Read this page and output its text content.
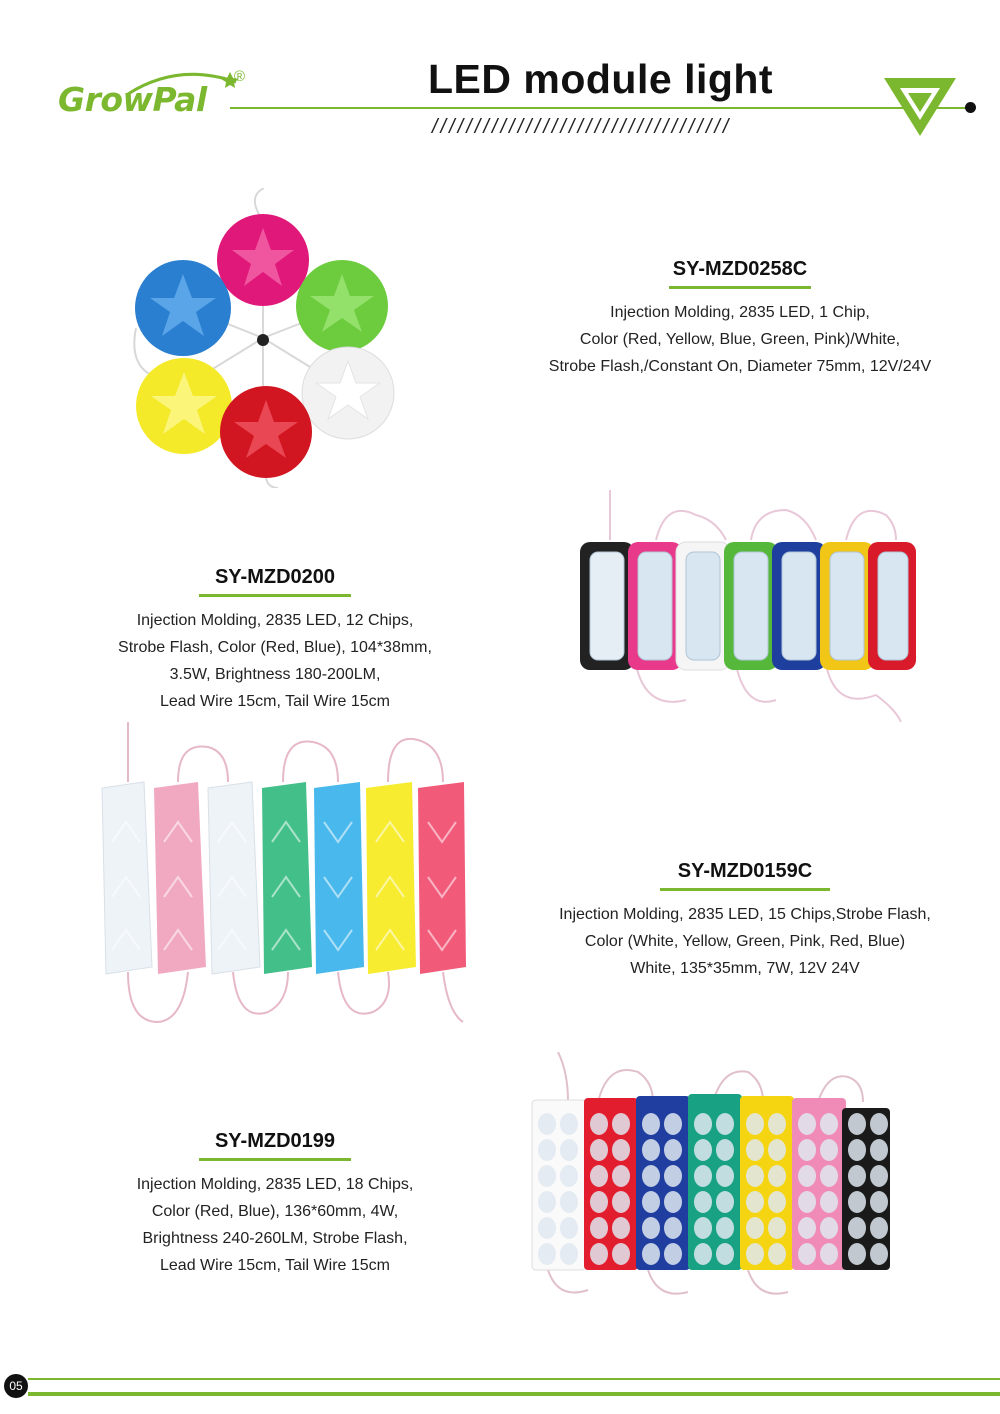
GrowPal
®	LED module light
///////////////////////////////////
SY-MZD0258C
Injection Molding, 2835 LED, 1 Chip,
Color (Red, Yellow, Blue, Green, Pink)/White,
Strobe Flash,/Constant On, Diameter 75mm, 12V/24V
SY-MZD0200
Injection Molding, 2835 LED, 12 Chips,
Strobe Flash, Color (Red, Blue), 104*38mm,
3.5W, Brightness 180-200LM,
Lead Wire 15cm, Tail Wire 15cm
SY-MZD0159C
Injection Molding, 2835 LED, 15 Chips,Strobe Flash,
Color (White, Yellow, Green, Pink, Red, Blue)
White, 135*35mm, 7W, 12V 24V
SY-MZD0199
Injection Molding, 2835 LED, 18 Chips,
Color (Red, Blue), 136*60mm, 4W,
Brightness 240-260LM, Strobe Flash,
Lead Wire 15cm, Tail Wire 15cm
05
